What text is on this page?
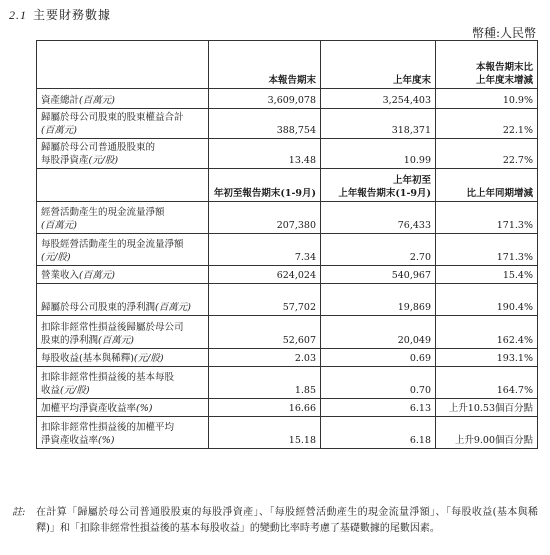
2.1 主要財務數據
幣種:人民幣
	本報告期末	上年度末	本報告期末比
上年度末增減

資產總計(百萬元)	3,609,078	3,254,403	10.9%

歸屬於母公司股東的股東權益合計
(百萬元)	388,754	318,371	22.1%

歸屬於母公司普通股股東的
每股淨資產(元/股)	13.48	10.99	22.7%
	年初至報告期末(1-9月)	上年初至
上年報告期末(1-9月)	比上年同期增減

經營活動產生的現金流量淨額
(百萬元)	207,380	76,433	171.3%

每股經營活動產生的現金流量淨額
(元/股)	7.34	2.70	171.3%
營業收入(百萬元)	624,024	540,967	15.4%
歸屬於母公司股東的淨利潤(百萬元)	57,702	19,869	190.4%

扣除非經常性損益後歸屬於母公司
股東的淨利潤(百萬元)	52,607	20,049	162.4%
每股收益(基本與稀釋)(元/股)	2.03	0.69	193.1%

扣除非經常性損益後的基本每股
收益(元/股)	1.85	0.70	164.7%
加權平均淨資產收益率(%)	16.66	6.13	上升10.53個百分點

扣除非經常性損益後的加權平均
淨資產收益率(%)	15.18	6.18	上升9.00個百分點
註: 在計算「歸屬於母公司普通股股東的每股淨資產」、「每股經營活動產生的現金流量淨額」、「每股收益(基本與稀釋)」和「扣除非經常性損益後的基本每股收益」的變動比率時考慮了基礎數據的尾數因素。
